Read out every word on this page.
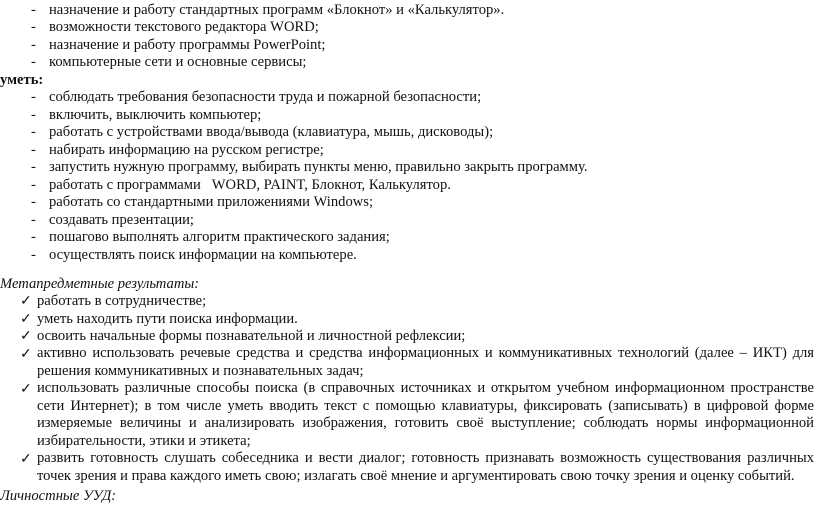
- назначение и работу стандартных программ «Блокнот» и «Калькулятор».
- возможности текстового редактора WORD;
- назначение и работу программы PowerPoint;
- компьютерные сети и основные сервисы;
уметь:
- соблюдать требования безопасности труда и пожарной безопасности;
- включить, выключить компьютер;
- работать с устройствами ввода/вывода (клавиатура, мышь, дисководы);
- набирать информацию на русском регистре;
- запустить нужную программу, выбирать пункты меню, правильно закрыть программу.
- работать с программами   WORD, PAINT, Блокнот, Калькулятор.
- работать со стандартными приложениями Windows;
- создавать презентации;
- пошагово выполнять алгоритм практического задания;
- осуществлять поиск информации на компьютере.
Метапредметные результаты:
✓ работать в сотрудничестве;
✓ уметь находить пути поиска информации.
✓ освоить начальные формы познавательной и личностной рефлексии;
✓ активно использовать речевые средства и средства информационных и коммуникативных технологий (далее – ИКТ) для решения коммуникативных и познавательных задач;
✓ использовать различные способы поиска (в справочных источниках и открытом учебном информационном пространстве сети Интернет); в том числе уметь вводить текст с помощью клавиатуры, фиксировать (записывать) в цифровой форме измеряемые величины и анализировать изображения, готовить своё выступление; соблюдать нормы информационной избирательности, этики и этикета;
✓ развить готовность слушать собеседника и вести диалог; готовность признавать возможность существования различных точек зрения и права каждого иметь свою; излагать своё мнение и аргументировать свою точку зрения и оценку событий.
Личностные УУД:
